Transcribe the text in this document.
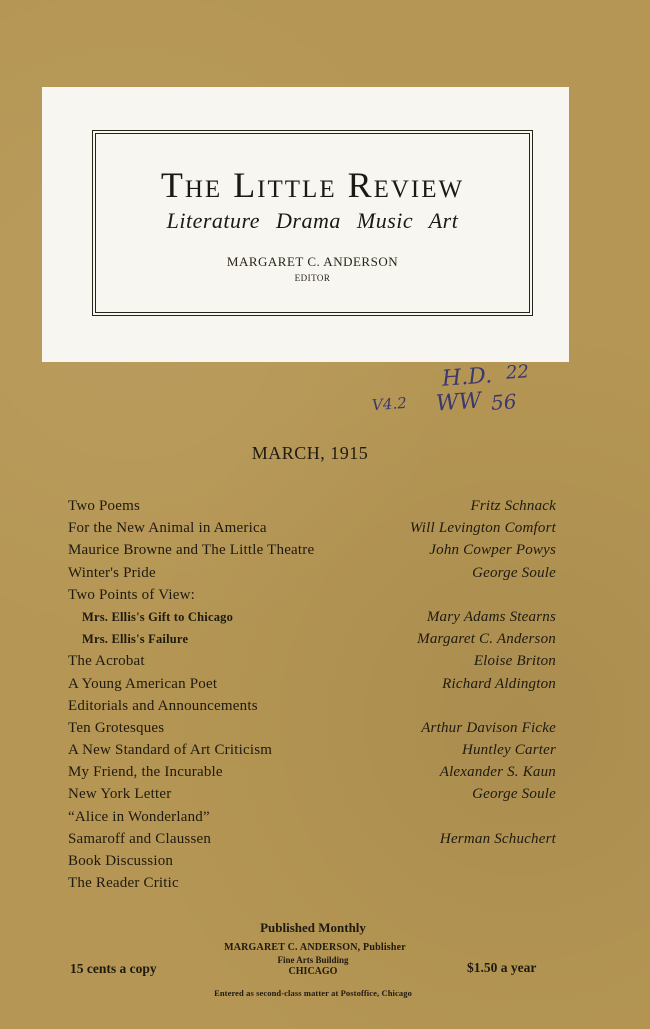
The Little Review
Literature Drama Music Art
MARGARET C. ANDERSON
EDITOR
H.D. 22
V4.2 WW 56
MARCH, 1915
Two Poems	Fritz Schnack
For the New Animal in America	Will Levington Comfort
Maurice Browne and The Little Theatre	John Cowper Powys
Winter's Pride	George Soule
Two Points of View:
Mrs. Ellis's Gift to Chicago	Mary Adams Stearns
Mrs. Ellis's Failure	Margaret C. Anderson
The Acrobat	Eloise Briton
A Young American Poet	Richard Aldington
Editorials and Announcements
Ten Grotesques	Arthur Davison Ficke
A New Standard of Art Criticism	Huntley Carter
My Friend, the Incurable	Alexander S. Kaun
New York Letter	George Soule
“Alice in Wonderland”
Samaroff and Claussen	Herman Schuchert
Book Discussion
The Reader Critic
Published Monthly
MARGARET C. ANDERSON, Publisher
Fine Arts Building
CHICAGO
15 cents a copy	$1.50 a year
Entered as second-class matter at Postoffice, Chicago
